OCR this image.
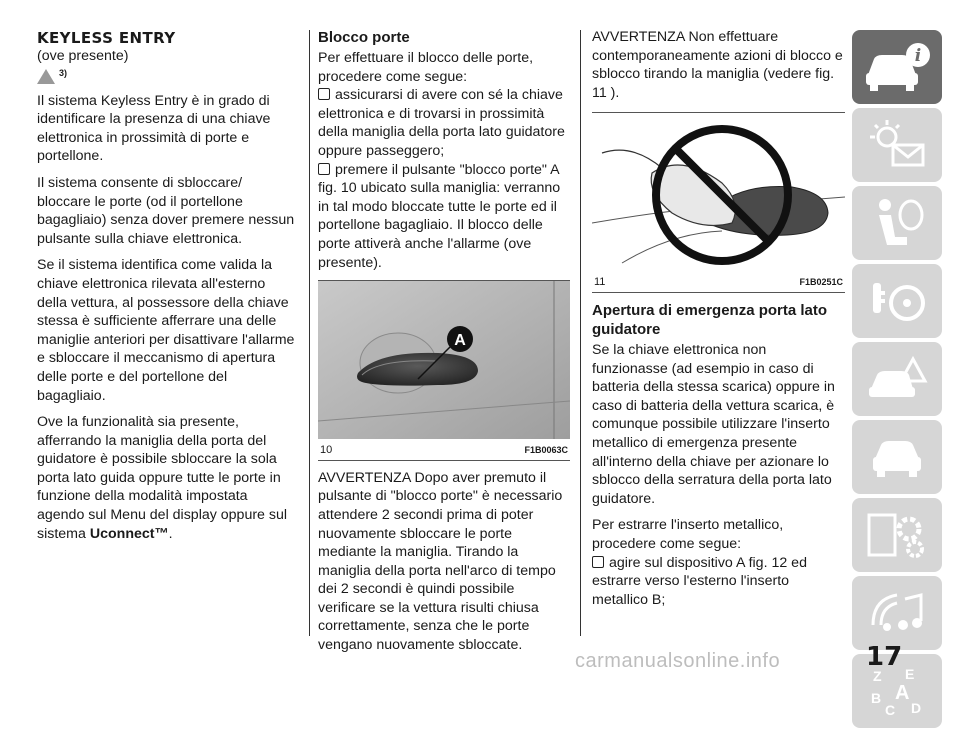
KEYLESS ENTRY
(ove presente)
3)

Il sistema Keyless Entry è in grado di identificare la presenza di una chiave elettronica in prossimità di porte e portellone.

Il sistema consente di sbloccare/ bloccare le porte (od il portellone bagagliaio) senza dover premere nessun pulsante sulla chiave elettronica.

Se il sistema identifica come valida la chiave elettronica rilevata all'esterno della vettura, al possessore della chiave stessa è sufficiente afferrare una delle maniglie anteriori per disattivare l'allarme e sbloccare il meccanismo di apertura delle porte e del portellone del bagagliaio.

Ove la funzionalità sia presente, afferrando la maniglia della porta del guidatore è possibile sbloccare la sola porta lato guida oppure tutte le porte in funzione della modalità impostata agendo sul Menu del display oppure sul sistema Uconnect™.

Blocco porte

Per effettuare il blocco delle porte, procedere come segue:

assicurarsi di avere con sé la chiave elettronica e di trovarsi in prossimità della maniglia della porta lato guidatore oppure passeggero;

premere il pulsante "blocco porte" A fig. 10 ubicato sulla maniglia: verranno in tal modo bloccate tutte le porte ed il portellone bagagliaio. Il blocco delle porte attiverà anche l'allarme (ove presente).

A
10	F1B0063C

AVVERTENZA Dopo aver premuto il pulsante di "blocco porte" è necessario attendere 2 secondi prima di poter nuovamente sbloccare le porte mediante la maniglia. Tirando la maniglia della porta nell'arco di tempo dei 2 secondi è quindi possibile verificare se la vettura risulti chiusa correttamente, senza che le porte vengano nuovamente sbloccate.

AVVERTENZA Non effettuare contemporaneamente azioni di blocco e sblocco tirando la maniglia (vedere fig. 11 ).

11	F1B0251C
Apertura di emergenza porta lato guidatore

Se la chiave elettronica non funzionasse (ad esempio in caso di batteria della stessa scarica) oppure in caso di batteria della vettura scarica, è comunque possibile utilizzare l'inserto metallico di emergenza presente all'interno della chiave per azionare lo sblocco della serratura della porta lato guidatore.

Per estrarre l'inserto metallico, procedere come segue:

agire sul dispositivo A fig. 12 ed estrarre verso l'esterno l'inserto metallico B;

i
Z E
B A
C D
17
carmanualsonline.info
